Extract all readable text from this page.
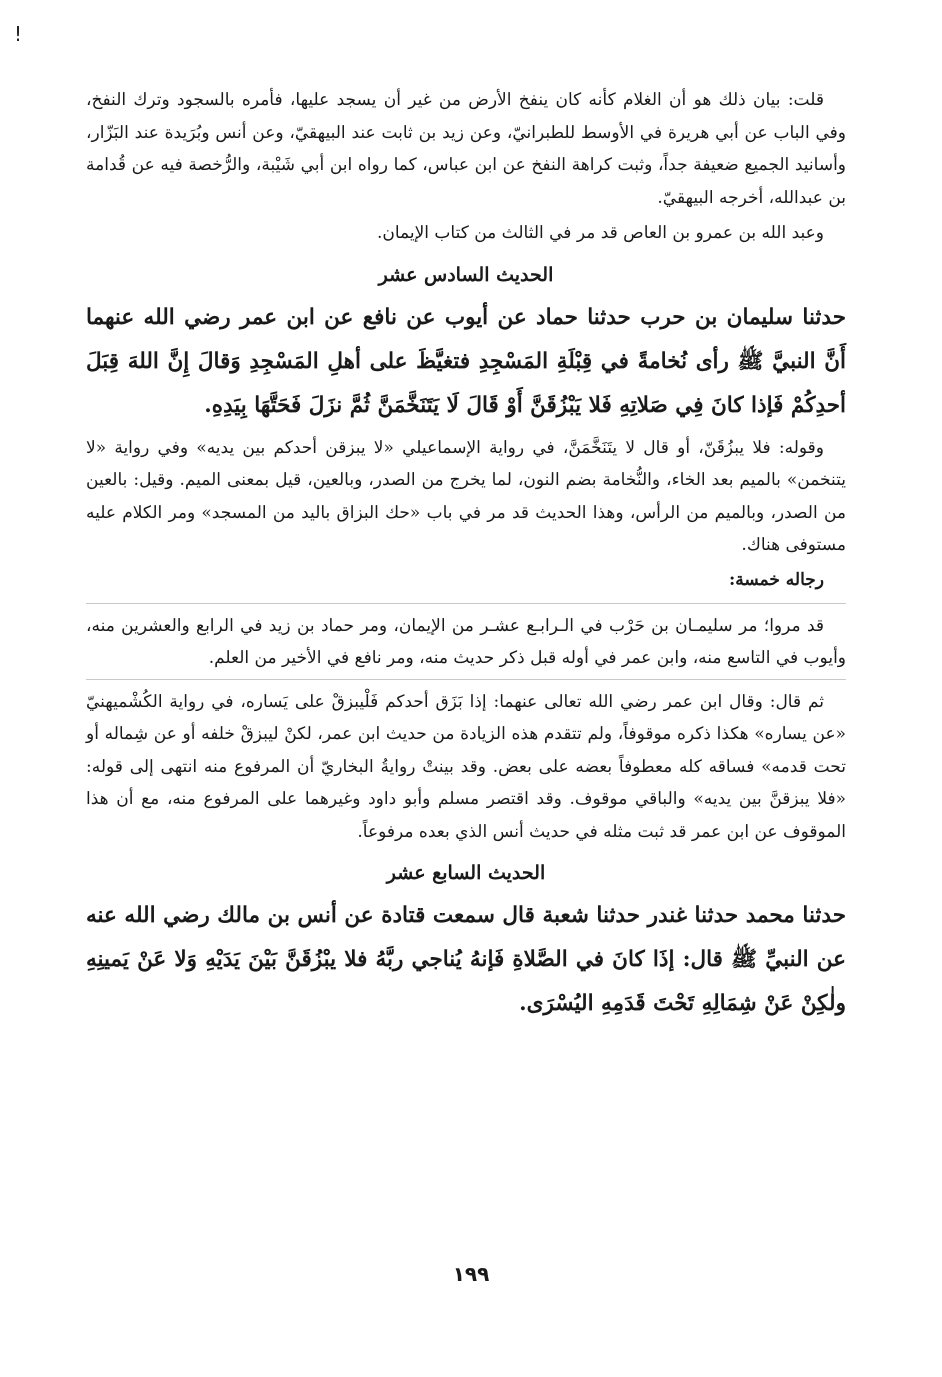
!

قلت: بيان ذلك هو أن الغلام كأنه كان ينفخ الأرض من غير أن يسجد عليها، فأمره بالسجود وترك النفخ، وفي الباب عن أبي هريرة في الأوسط للطبرانيّ، وعن زيد بن ثابت عند البيهقيّ، وعن أنس وبُرَيدة عند البَزّار، وأسانيد الجميع ضعيفة جداً، وثبت كراهة النفخ عن ابن عباس، كما رواه ابن أبي شَيْبة، والرُّخصة فيه عن قُدامة بن عبدالله، أخرجه البيهقيّ.

وعبد الله بن عمرو بن العاص قد مر في الثالث من كتاب الإيمان.

الحديث السادس عشر

حدثنا سليمان بن حرب حدثنا حماد عن أيوب عن نافع عن ابن عمر رضي الله عنهما أَنَّ النبيَّ ﷺ رأى نُخامةً في قِبْلَةِ المَسْجِدِ فتغيَّظَ على أهلِ المَسْجِدِ وَقالَ إِنَّ اللهَ قِبَلَ أحدِكُمْ فَإذا كانَ فِي صَلاتِهِ فَلا يَبْزُقَنَّ أَوْ قَالَ لَا يَتَنَخَّمَنَّ ثُمَّ نزَلَ فَحَتَّهَا بِيَدِهِ.

وقوله: فلا يبزُقَنّ، أو قال لا يتَنَخَّمَنَّ، في رواية الإسماعيلي «لا يبزقن أحدكم بين يديه» وفي رواية «لا يتنخمن» بالميم بعد الخاء، والنُّخامة بضم النون، لما يخرج من الصدر، وبالعين، قيل بمعنى الميم. وقيل: بالعين من الصدر، وبالميم من الرأس، وهذا الحديث قد مر في باب «حك البزاق باليد من المسجد» ومر الكلام عليه مستوفى هناك.

رجاله خمسة:

قد مروا؛ مر سليمـان بن حَرْب في الـرابـع عشـر من الإيمان، ومر حماد بن زيد في الرابع والعشرين منه، وأيوب في التاسع منه، وابن عمر في أوله قبل ذكر حديث منه، ومر نافع في الأخير من العلم.

ثم قال: وقال ابن عمر رضي الله تعالى عنهما: إذا بَزَق أحدكم فَلْيبزقْ على يَساره، في رواية الكُشْميهنيّ «عن يساره» هكذا ذكره موقوفاً، ولم تتقدم هذه الزيادة من حديث ابن عمر، لكنْ ليبزقْ خلفه أو عن شِماله أو تحت قدمه» فساقه كله معطوفاً بعضه على بعض. وقد بينتْ روايةُ البخاريّ أن المرفوع منه انتهى إلى قوله: «فلا يبزقنَّ بين يديه» والباقي موقوف. وقد اقتصر مسلم وأبو داود وغيرهما على المرفوع منه، مع أن هذا الموقوف عن ابن عمر قد ثبت مثله في حديث أنس الذي بعده مرفوعاً.

الحديث السابع عشر

حدثنا محمد حدثنا غندر حدثنا شعبة قال سمعت قتادة عن أنس بن مالك رضي الله عنه عن النبيِّ ﷺ قال: إذَا كانَ في الصَّلاةِ فَإنهُ يُناجي ربَّهُ فلا يبْزُقَنَّ بَيْنَ يَدَيْهِ وَلا عَنْ يَمينِهِ ولٰكِنْ عَنْ شِمَالِهِ تَحْتَ قَدَمِهِ اليُسْرَى.

١٩٩
